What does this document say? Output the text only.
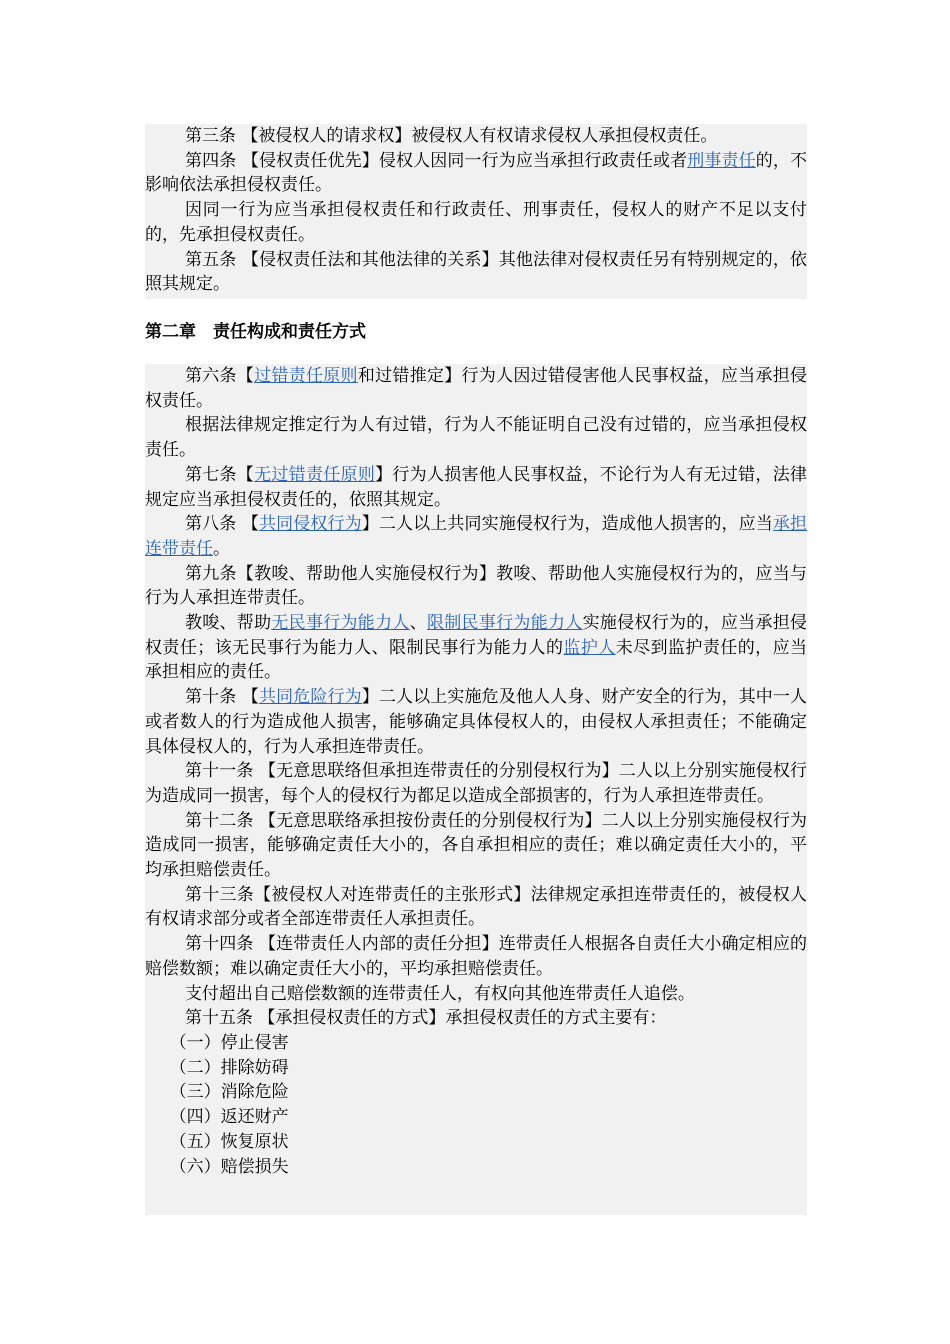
第三条 【被侵权人的请求权】被侵权人有权请求侵权人承担侵权责任。

第四条 【侵权责任优先】侵权人因同一行为应当承担行政责任或者刑事责任的，不影响依法承担侵权责任。

因同一行为应当承担侵权责任和行政责任、刑事责任，侵权人的财产不足以支付的，先承担侵权责任。

第五条 【侵权责任法和其他法律的关系】其他法律对侵权责任另有特别规定的，依照其规定。

第二章　责任构成和责任方式

第六条【过错责任原则和过错推定】行为人因过错侵害他人民事权益，应当承担侵权责任。

根据法律规定推定行为人有过错，行为人不能证明自己没有过错的，应当承担侵权责任。

第七条【无过错责任原则】行为人损害他人民事权益，不论行为人有无过错，法律规定应当承担侵权责任的，依照其规定。

第八条 【共同侵权行为】二人以上共同实施侵权行为，造成他人损害的，应当承担连带责任。

第九条【教唆、帮助他人实施侵权行为】教唆、帮助他人实施侵权行为的，应当与行为人承担连带责任。

教唆、帮助无民事行为能力人、限制民事行为能力人实施侵权行为的，应当承担侵权责任；该无民事行为能力人、限制民事行为能力人的监护人未尽到监护责任的，应当承担相应的责任。

第十条 【共同危险行为】二人以上实施危及他人人身、财产安全的行为，其中一人或者数人的行为造成他人损害，能够确定具体侵权人的，由侵权人承担责任；不能确定具体侵权人的，行为人承担连带责任。

第十一条 【无意思联络但承担连带责任的分别侵权行为】二人以上分别实施侵权行为造成同一损害，每个人的侵权行为都足以造成全部损害的，行为人承担连带责任。

第十二条 【无意思联络承担按份责任的分别侵权行为】二人以上分别实施侵权行为造成同一损害，能够确定责任大小的，各自承担相应的责任；难以确定责任大小的，平均承担赔偿责任。

第十三条【被侵权人对连带责任的主张形式】法律规定承担连带责任的，被侵权人有权请求部分或者全部连带责任人承担责任。

第十四条 【连带责任人内部的责任分担】连带责任人根据各自责任大小确定相应的赔偿数额；难以确定责任大小的，平均承担赔偿责任。

支付超出自己赔偿数额的连带责任人，有权向其他连带责任人追偿。

第十五条 【承担侵权责任的方式】承担侵权责任的方式主要有：

（一）停止侵害

（二）排除妨碍

（三）消除危险

（四）返还财产

（五）恢复原状

（六）赔偿损失
